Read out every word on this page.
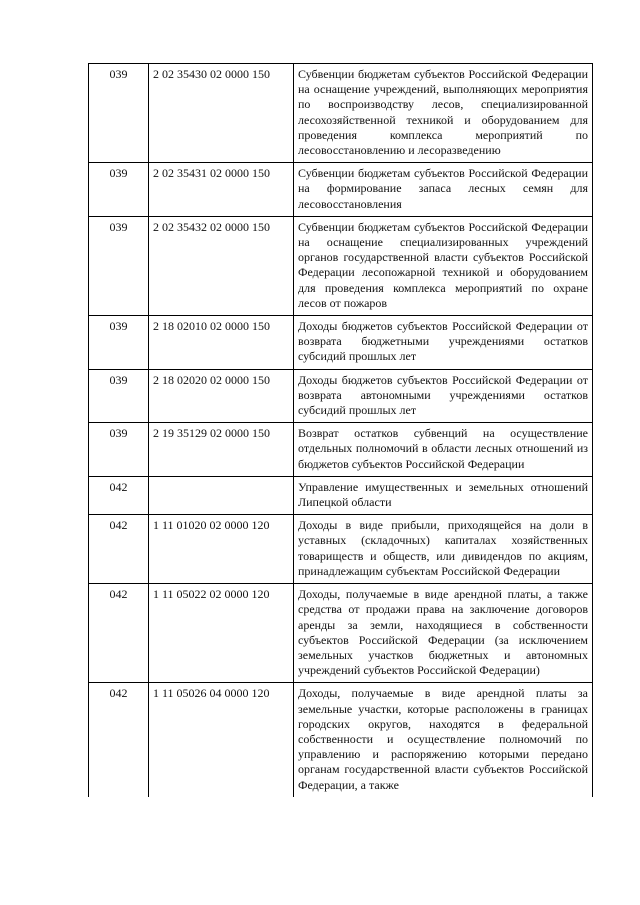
039	2 02 35430 02 0000 150	Субвенции бюджетам субъектов Российской Федерации на оснащение учреждений, выполняющих мероприятия по воспроизводству лесов, специализированной лесохозяйственной техникой и оборудованием для проведения комплекса мероприятий по лесовосстановлению и лесоразведению
039	2 02 35431 02 0000 150	Субвенции бюджетам субъектов Российской Федерации на формирование запаса лесных семян для лесовосстановления
039	2 02 35432 02 0000 150	Субвенции бюджетам субъектов Российской Федерации на оснащение специализированных учреждений органов государственной власти субъектов Российской Федерации лесопожарной техникой и оборудованием для проведения комплекса мероприятий по охране лесов от пожаров
039	2 18 02010 02 0000 150	Доходы бюджетов субъектов Российской Федерации от возврата бюджетными учреждениями остатков субсидий прошлых лет
039	2 18 02020 02 0000 150	Доходы бюджетов субъектов Российской Федерации от возврата автономными учреждениями остатков субсидий прошлых лет
039	2 19 35129 02 0000 150	Возврат остатков субвенций на осуществление отдельных полномочий в области лесных отношений из бюджетов субъектов Российской Федерации
042		Управление имущественных и земельных отношений Липецкой области
042	1 11 01020 02 0000 120	Доходы в виде прибыли, приходящейся на доли в уставных (складочных) капиталах хозяйственных товариществ и обществ, или дивидендов по акциям, принадлежащим субъектам Российской Федерации
042	1 11 05022 02 0000 120	Доходы, получаемые в виде арендной платы, а также средства от продажи права на заключение договоров аренды за земли, находящиеся в собственности субъектов Российской Федерации (за исключением земельных участков бюджетных и автономных учреждений субъектов Российской Федерации)
042	1 11 05026 04 0000 120	Доходы, получаемые в виде арендной платы за земельные участки, которые расположены в границах городских округов, находятся в федеральной собственности и осуществление полномочий по управлению и распоряжению которыми передано органам государственной власти субъектов Российской Федерации, а также
